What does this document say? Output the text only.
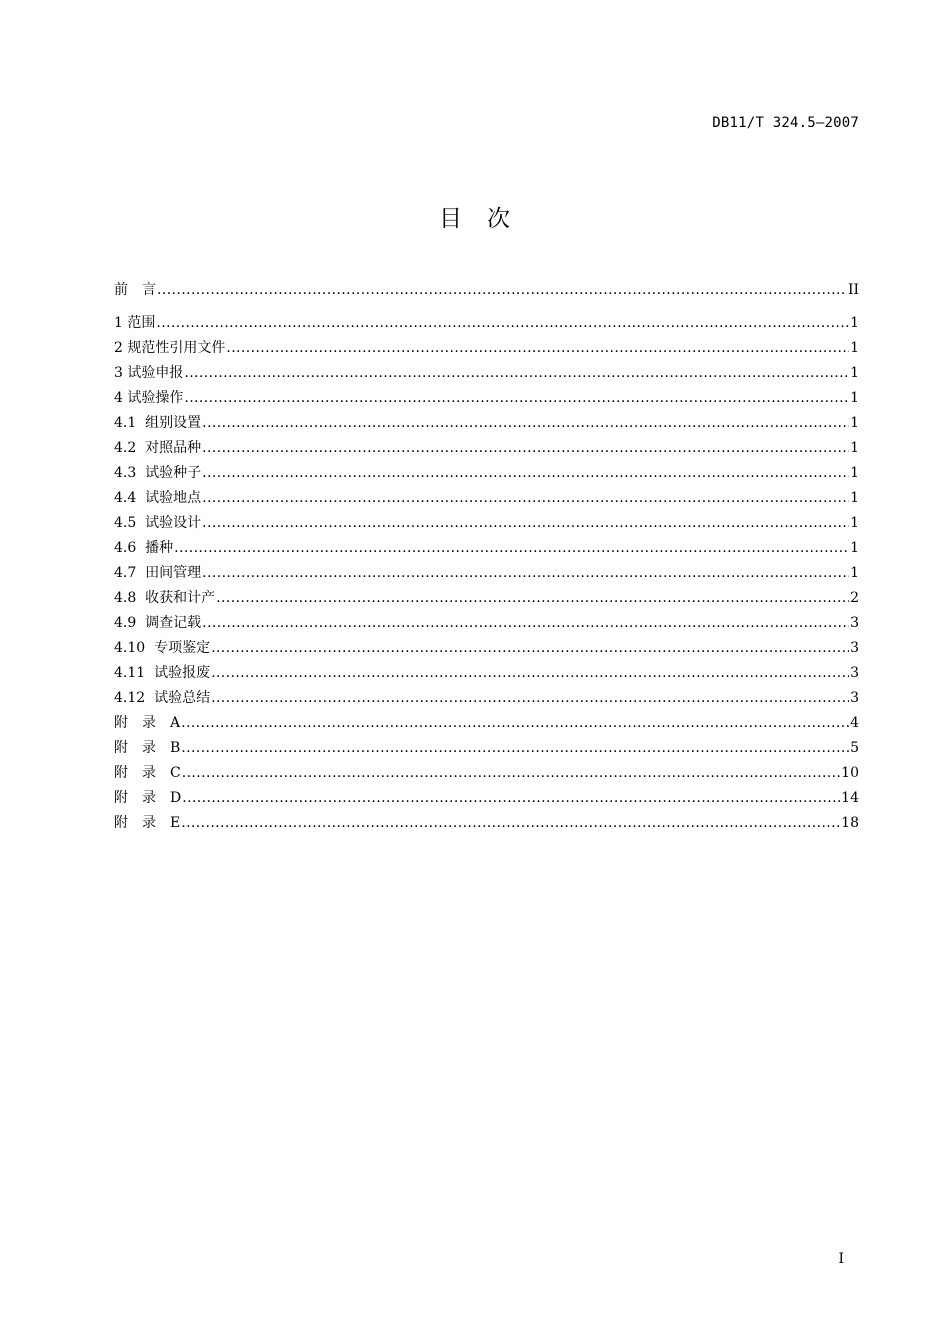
DB11/T 324.5—2007
目　次
前　言 .....	II
1 范围 .....	1
2 规范性引用文件 .....	1
3 试验申报 .....	1
4 试验操作 .....	1
4.1  组别设置 .....	1
4.2  对照品种 .....	1
4.3  试验种子 .....	1
4.4  试验地点 .....	1
4.5  试验设计 .....	1
4.6  播种 .....	1
4.7  田间管理 .....	1
4.8  收获和计产 .....	2
4.9  调查记载 .....	3
4.10  专项鉴定 .....	3
4.11  试验报废 .....	3
4.12  试验总结 .....	3
附　录　A .....	4
附　录　B .....	5
附　录　C .....	10
附　录　D .....	14
附　录　E .....	18
I
